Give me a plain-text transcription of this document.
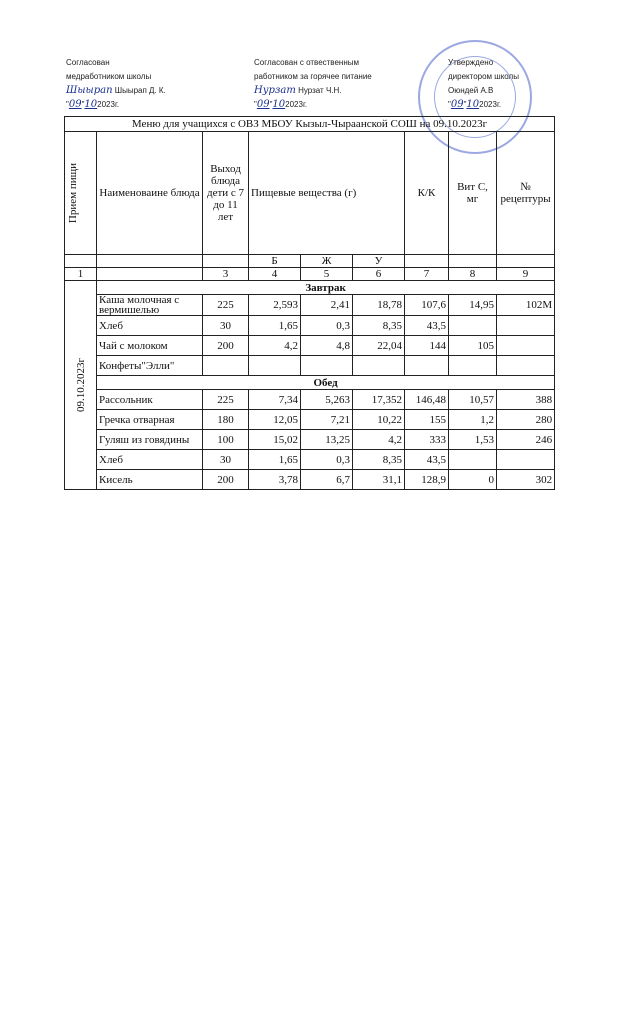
Согласован
медработником школы
Шыырап Шыырап Д. К.
"09"102023г.
Согласован с отвественным
работником за горячее питание
Нурзат Нурзат Ч.Н.
"09"102023г.
Утверждено
директором школы
Оюндей А.В
"09"102023г.
Меню для учащихся с ОВЗ МБОУ Кызыл-Чыраанской СОШ на 09.10.2023г								

Прием пищи	Наименоваине блюда	Выход блюда дети с 7 до 11 лет	Пищевые вещества (г)			К/К	Вит С, мг	№ рецептуры
			Б	Ж	У			
1		3	4	5	6	7	8	9

09.10.2023г	Завтрак							
	Каша молочная с вермишелью	225	2,593	2,41	18,78	107,6	14,95	102М
	Хлеб	30	1,65	0,3	8,35	43,5		
	Чай с молоком	200	4,2	4,8	22,04	144	105	
	Конфеты"Элли"							
	Обед							
	Рассольник	225	7,34	5,263	17,352	146,48	10,57	388
	Гречка отварная	180	12,05	7,21	10,22	155	1,2	280
	Гуляш из говядины	100	15,02	13,25	4,2	333	1,53	246
	Хлеб	30	1,65	0,3	8,35	43,5		
	Кисель	200	3,78	6,7	31,1	128,9	0	302
